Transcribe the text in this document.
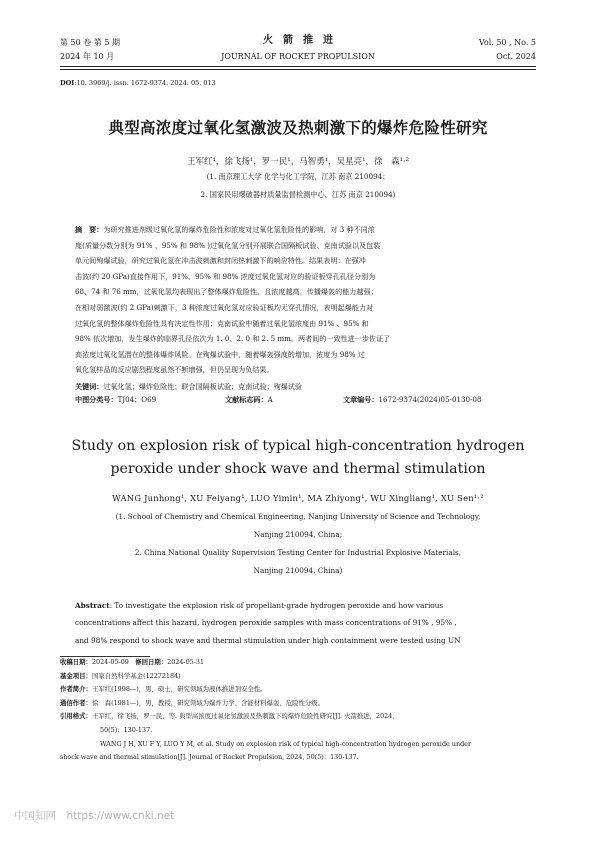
第 50 卷 第 5 期
2024 年 10 月
火　箭　推　进
JOURNAL OF ROCKET PROPULSION
Vol. 50 , No. 5
Oct. 2024
DOI:10. 3969/j. issn. 1672-9374. 2024. 05. 013
典型高浓度过氧化氢激波及热刺激下的爆炸危险性研究
王军红¹，徐飞扬¹，罗一民¹，马智勇¹，吴星亮¹，徐　森¹·²
(1. 南京理工大学 化学与化工学院，江苏 南京 210094；
2. 国家民用爆破器材质量监督检测中心，江苏 南京 210094)
摘　要：为研究推进剂级过氧化氢的爆炸危险性和浓度对过氧化氢危险性的影响，对 3 种不同浓
度(质量分数分别为 91% 、95% 和 98% )过氧化氢分别开展联合国隔板试验、克南试验以及包装
单元间殉爆试验，研究过氧化氢在冲击波刺激和封闭热刺激下的响应特性。结果表明：在强冲
击波(约 20 GPa)直接作用下，91%、95% 和 98% 浓度过氧化氢对应的验证板穿孔孔径分别为
68、74 和 76 mm，过氧化氢均表现出了整体爆炸危险性，且浓度越高，传播爆轰的能力越强；
在相对弱激波(约 2 GPa)刺激下，3 种浓度过氧化氢对应验证板均无穿孔情况，表明起爆能力对
过氧化氢的整体爆炸危险性具有决定性作用；克南试验中随着过氧化氢浓度由 91% 、95% 和
98% 依次增加，发生爆炸的临界孔径依次为 1. 0、2. 0 和 2. 5 mm。两者间的一致性进一步佐证了
高浓度过氧化氢潜在的整体爆炸风险。在殉爆试验中，随着爆轰强度的增加，浓度为 98% 过
氧化氢样品的反应剧烈程度虽然不断增强，但仍呈现为负结果。
关键词：过氧化氢；爆炸危险性；联合国隔板试验；克南试验；殉爆试验
中图分类号： TJ04；O69	文献标志码： A	文章编号： 1672-9374(2024)05-0130-08
Study on explosion risk of typical high-concentration hydrogen
peroxide under shock wave and thermal stimulation
WANG Junhong¹, XU Feiyang¹, LUO Yimin¹, MA Zhiyong¹, WU Xingliang¹, XU Sen¹·²
(1. School of Chemistry and Chemical Engineering, Nanjing University of Science and Technology,
Nanjing 210094, China;
2. China National Quality Supervision Testing Center for Industrial Explosive Materials,
Nanjing 210094, China)
Abstract: To investigate the explosion risk of propellant-grade hydrogen peroxide and how various
concentrations affect this hazard, hydrogen peroxide samples with mass concentrations of 91% , 95% ,
and 98% respond to shock wave and thermal stimulation under high containment were tested using UN
收稿日期：2024-05-09　 修回日期：2024-05-31
基金项目：国家自然科学基金(12272184)
作者简介：王军红(1998—)，男，硕士，研究领域为液体推进剂安全性。
通信作者：徐　森(1981—)，男，教授，研究领域为爆炸力学、含能材料爆轰、危险性分级。
引用格式：王军红，徐飞扬，罗一民，等. 典型高浓度过氧化氢激波及热刺激下的爆炸危险性研究[J]. 火箭推进，2024，
50(5)：130-137.
WANG J H, XU F Y, LUO Y M, et al. Study on explosion risk of typical high-concentration hydrogen peroxide under
shock wave and thermal stimulation[J]. Journal of Rocket Propulsion, 2024, 50(5)：130-137.
中国知网　https://www.cnki.net
